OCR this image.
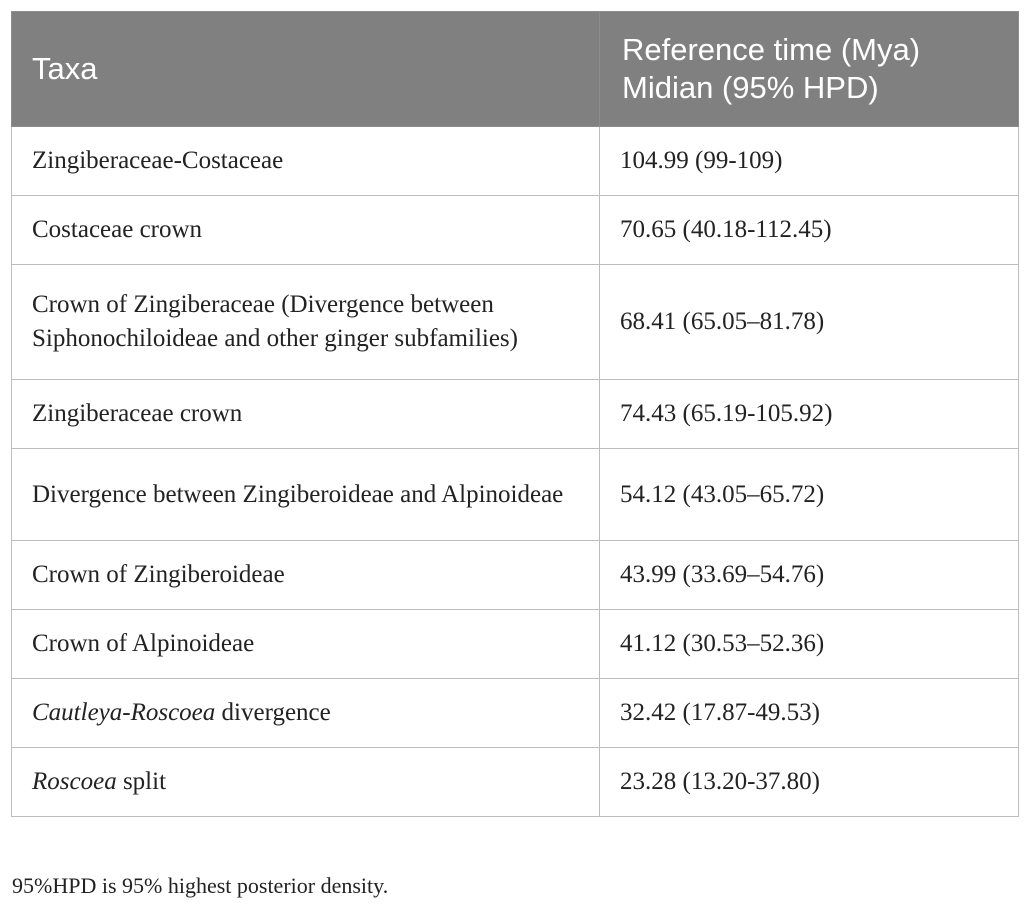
Taxa	Reference time (Mya)
Midian (95% HPD)

Zingiberaceae-Costaceae	104.99 (99-109)
Costaceae crown	70.65 (40.18-112.45)
Crown of Zingiberaceae (Divergence between Siphonochiloideae and other ginger subfamilies)	68.41 (65.05–81.78)
Zingiberaceae crown	74.43 (65.19-105.92)
Divergence between Zingiberoideae and Alpinoideae	54.12 (43.05–65.72)
Crown of Zingiberoideae	43.99 (33.69–54.76)
Crown of Alpinoideae	41.12 (30.53–52.36)
Cautleya-Roscoea divergence	32.42 (17.87-49.53)
Roscoea split	23.28 (13.20-37.80)

95%HPD is 95% highest posterior density.
